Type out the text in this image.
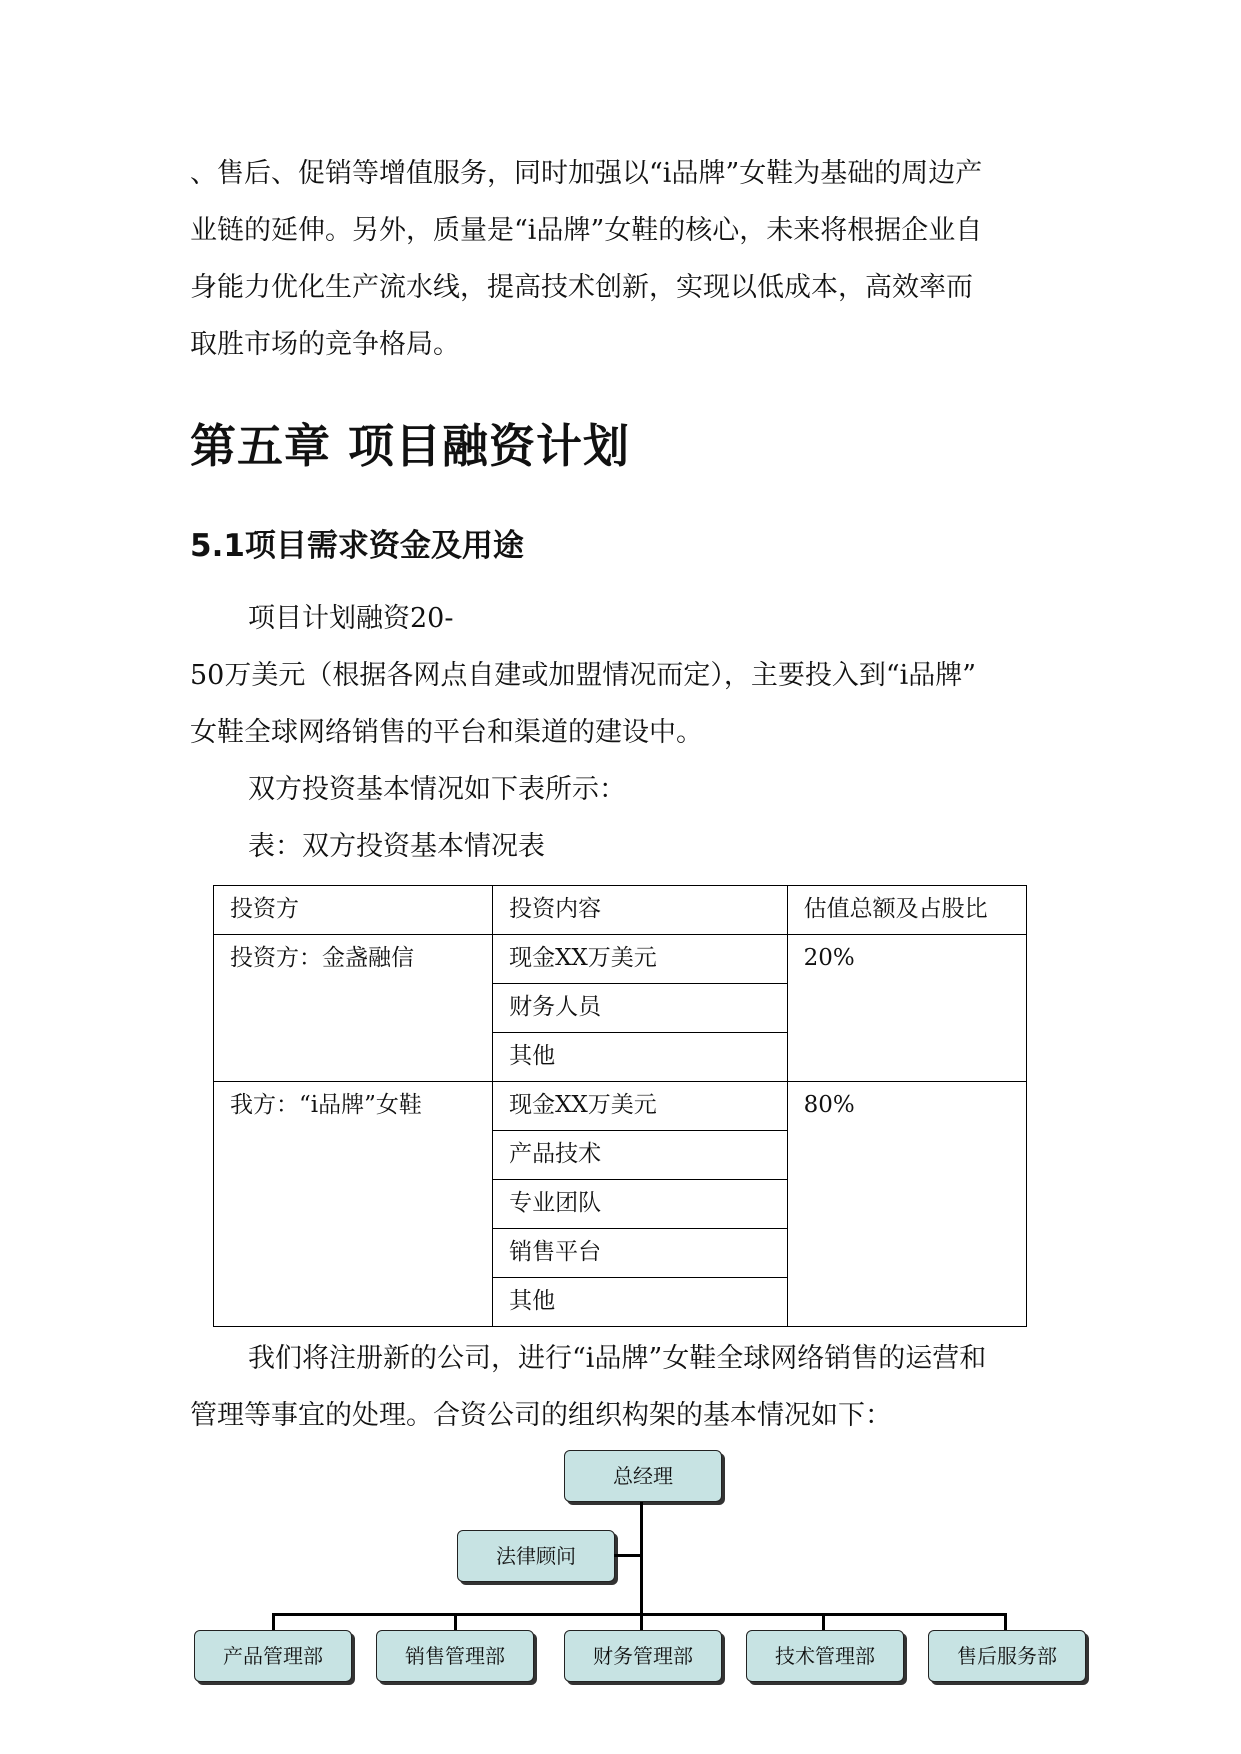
、售后、促销等增值服务，同时加强以“i品牌”女鞋为基础的周边产
业链的延伸。另外，质量是“i品牌”女鞋的核心，未来将根据企业自
身能力优化生产流水线，提高技术创新，实现以低成本，高效率而
取胜市场的竞争格局。
第五章 项目融资计划
5.1项目需求资金及用途
项目计划融资20-
50万美元（根据各网点自建或加盟情况而定），主要投入到“i品牌”
女鞋全球网络销售的平台和渠道的建设中。
双方投资基本情况如下表所示：
表：双方投资基本情况表
投资方	投资内容	估值总额及占股比
投资方：金盏融信	现金XX万美元	20%
	财务人员	
	其他	
我方：“i品牌”女鞋	现金XX万美元	80%
	产品技术	
	专业团队	
	销售平台	
	其他	
我们将注册新的公司，进行“i品牌”女鞋全球网络销售的运营和
管理等事宜的处理。合资公司的组织构架的基本情况如下：
总经理
法律顾问
产品管理部	销售管理部	财务管理部	技术管理部	售后服务部
